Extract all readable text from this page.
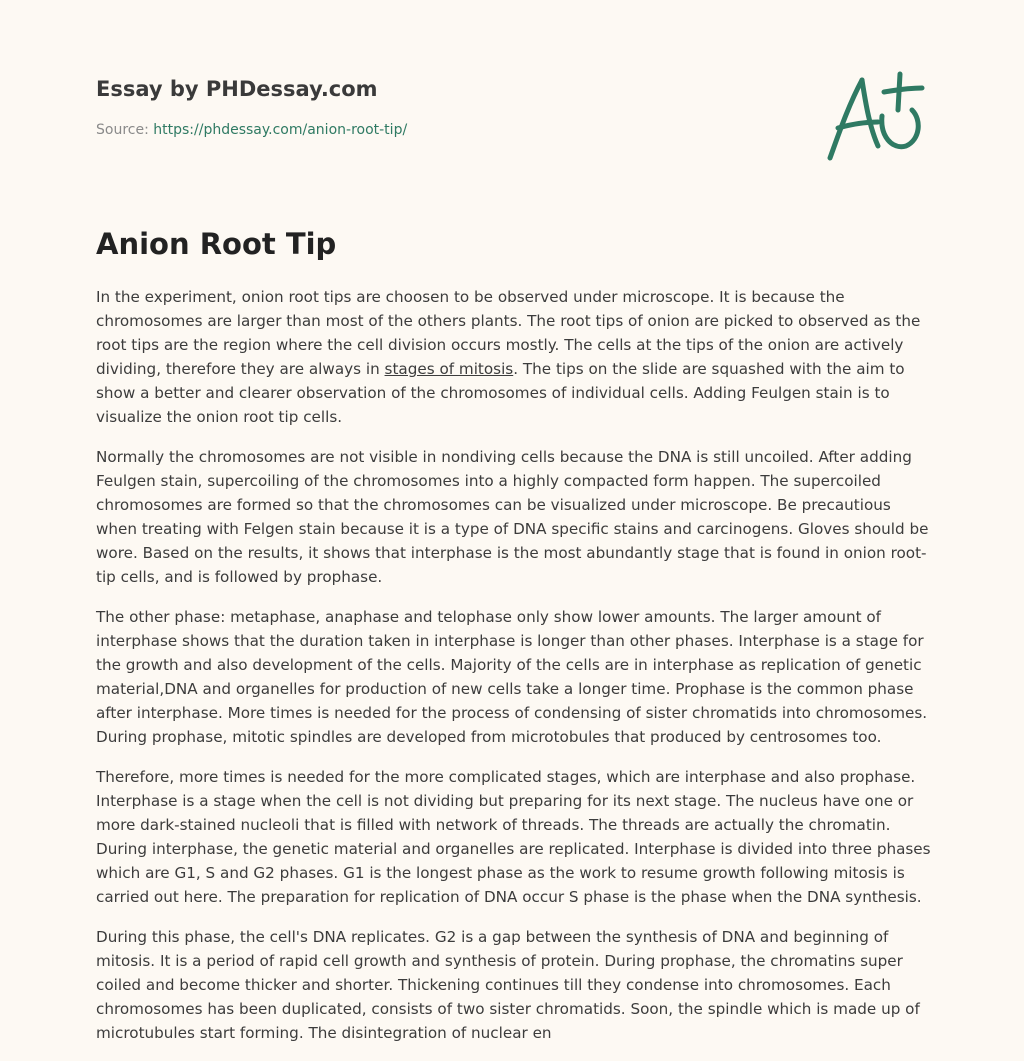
Essay by PHDessay.com
Source: https://phdessay.com/anion-root-tip/
Anion Root Tip

In the experiment, onion root tips are choosen to be observed under microscope. It is because the chromosomes are larger than most of the others plants. The root tips of onion are picked to observed as the root tips are the region where the cell division occurs mostly. The cells at the tips of the onion are actively dividing, therefore they are always in stages of mitosis. The tips on the slide are squashed with the aim to show a better and clearer observation of the chromosomes of individual cells. Adding Feulgen stain is to visualize the onion root tip cells.

Normally the chromosomes are not visible in nondiving cells because the DNA is still uncoiled. After adding Feulgen stain, supercoiling of the chromosomes into a highly compacted form happen. The supercoiled chromosomes are formed so that the chromosomes can be visualized under microscope. Be precautious when treating with Felgen stain because it is a type of DNA specific stains and carcinogens. Gloves should be wore. Based on the results, it shows that interphase is the most abundantly stage that is found in onion root-tip cells, and is followed by prophase.

The other phase: metaphase, anaphase and telophase only show lower amounts. The larger amount of interphase shows that the duration taken in interphase is longer than other phases. Interphase is a stage for the growth and also development of the cells. Majority of the cells are in interphase as replication of genetic material,DNA and organelles for production of new cells take a longer time. Prophase is the common phase after interphase. More times is needed for the process of condensing of sister chromatids into chromosomes. During prophase, mitotic spindles are developed from microtobules that produced by centrosomes too.

Therefore, more times is needed for the more complicated stages, which are interphase and also prophase. Interphase is a stage when the cell is not dividing but preparing for its next stage. The nucleus have one or more dark-stained nucleoli that is filled with network of threads. The threads are actually the chromatin. During interphase, the genetic material and organelles are replicated. Interphase is divided into three phases which are G1, S and G2 phases. G1 is the longest phase as the work to resume growth following mitosis is carried out here. The preparation for replication of DNA occur S phase is the phase when the DNA synthesis.

During this phase, the cell's DNA replicates. G2 is a gap between the synthesis of DNA and beginning of mitosis. It is a period of rapid cell growth and synthesis of protein. During prophase, the chromatins super coiled and become thicker and shorter. Thickening continues till they condense into chromosomes. Each chromosomes has been duplicated, consists of two sister chromatids. Soon, the spindle which is made up of microtubules start forming. The disintegration of nuclear en
